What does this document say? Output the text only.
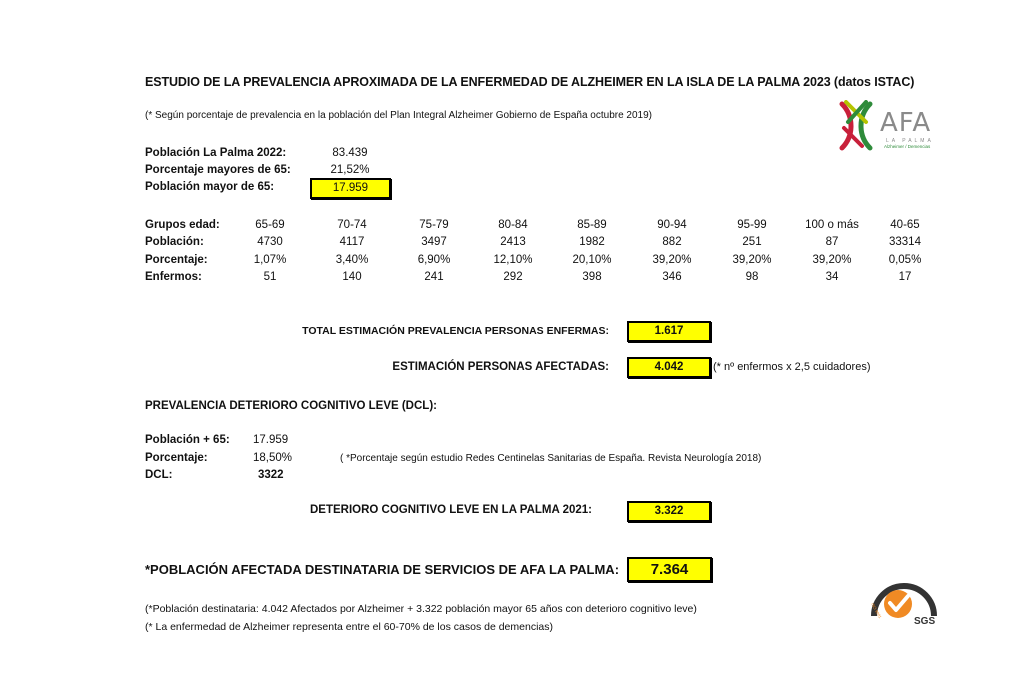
ESTUDIO DE LA PREVALENCIA APROXIMADA DE LA ENFERMEDAD DE ALZHEIMER EN LA ISLA DE LA PALMA 2023 (datos ISTAC)
(* Según porcentaje de prevalencia en la población del Plan Integral Alzheimer Gobierno de España octubre 2019)	AFA
LA PALMA
Alzheimer / Demencias
Población La Palma 2022:	83.439
Porcentaje mayores de 65:	21,52%
Población mayor de 65:	17.959
Grupos edad:	65-69	70-74	75-79	80-84	85-89	90-94	95-99	100 o más	40-65
Población:	4730	4117	3497	2413	1982	882	251	87	33314
Porcentaje:	1,07%	3,40%	6,90%	12,10%	20,10%	39,20%	39,20%	39,20%	0,05%
Enfermos:	51	140	241	292	398	346	98	34	17
TOTAL ESTIMACIÓN PREVALENCIA PERSONAS ENFERMAS:	1.617
ESTIMACIÓN PERSONAS AFECTADAS:	4.042	(* nº enfermos x 2,5 cuidadores)
PREVALENCIA DETERIORO COGNITIVO LEVE (DCL):
Población + 65: 17.959
Porcentaje:	18,50%	( *Porcentaje según estudio Redes Centinelas Sanitarias de España. Revista Neurología 2018)
DCL:	3322
DETERIORO COGNITIVO LEVE EN LA PALMA 2021:	3.322
*POBLACIÓN AFECTADA DESTINATARIA DE SERVICIOS DE AFA LA PALMA:	7.364
(*Población destinataria: 4.042 Afectados por Alzheimer + 3.322 población mayor 65 años con deterioro cognitivo leve)
(* La enfermedad de Alzheimer representa entre el 60-70% de los casos de demencias)
SISTEMA CERTIFICADO
ISO 9001
SGS
